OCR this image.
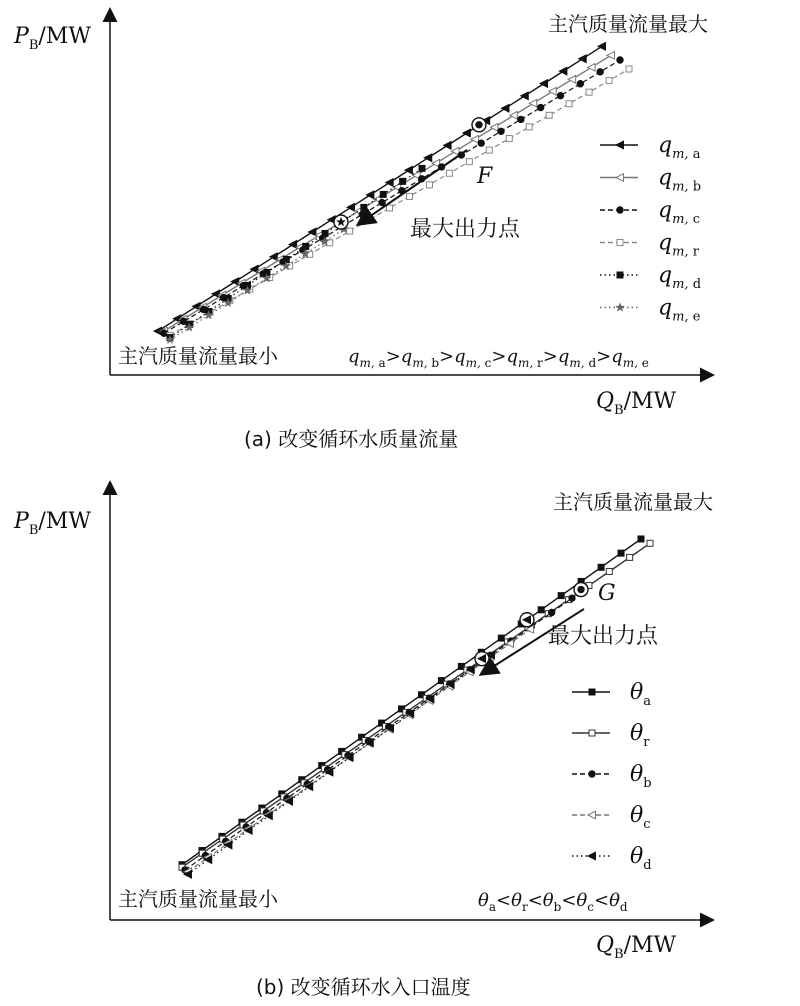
$P_B/MW$
$Q_B/MW$
主汽质量流量最大
主汽质量流量最小	$q_{m, a}>q_{m, b}>q_{m, c}>q_{m, r}>q_{m, d}>q_{m, e}$
F
最大出力点
$q_{m, a}$
$q_{m, b}$
$q_{m, c}$
$q_{m, r}$
$q_{m, d}$
$q_{m, e}$
(a) 改变循环水质量流量
$P_B/MW$
$Q_B/MW$
主汽质量流量最大
主汽质量流量最小	$\theta_a<\theta_r<\theta_b<\theta_c<\theta_d$
G
最大出力点
$\theta_a$
$\theta_r$
$\theta_b$
$\theta_c$
$\theta_d$
(b) 改变循环水入口温度
